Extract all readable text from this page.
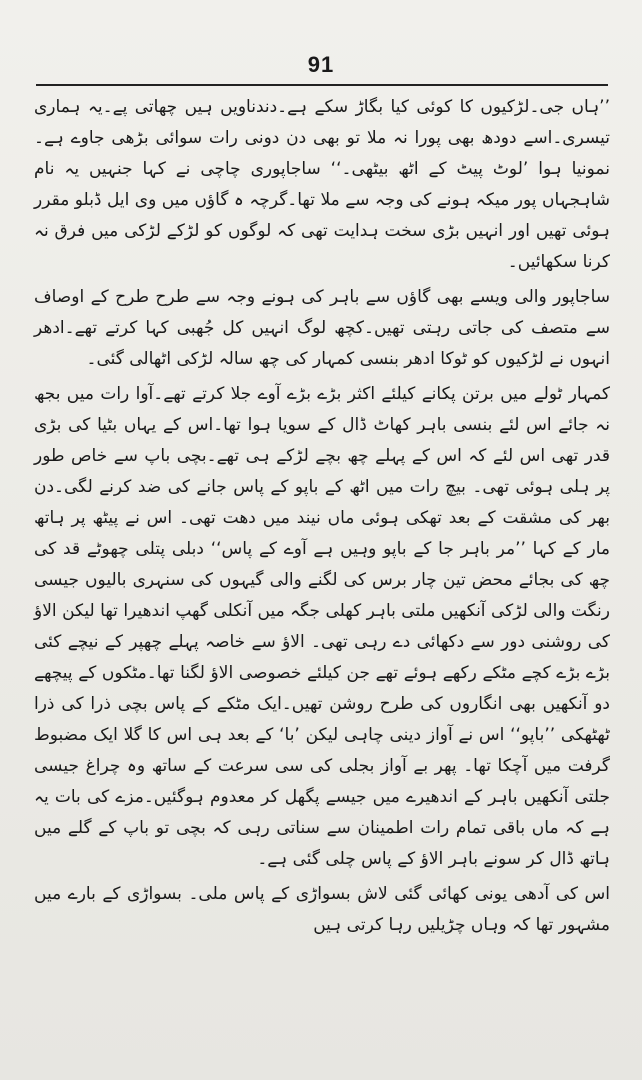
91

’’ہاں جی۔لڑکیوں کا کوئی کیا بگاڑ سکے ہے۔دندناویں ہیں چھاتی پے۔یہ ہماری تیسری۔اسے دودھ بھی پورا نہ ملا تو بھی دن دونی رات سوائی بڑھی جاوے ہے۔نمونیا ہوا ’لوٹ پیٹ کے اٹھ بیٹھی۔‘‘ ساجاپوری چاچی نے کہا جنہیں یہ نام شاہجہاں پور میکہ ہونے کی وجہ سے ملا تھا۔گرچہ ہ گاؤں میں وی ایل ڈبلو مقرر ہوئی تھیں اور انہیں بڑی سخت ہدایت تھی کہ لوگوں کو لڑکے لڑکی میں فرق نہ کرنا سکھائیں۔

ساجاپور والی ویسے بھی گاؤں سے باہر کی ہونے وجہ سے طرح طرح کے اوصاف سے متصف کی جاتی رہتی تھیں۔کچھ لوگ انہیں کل جُھبی کہا کرتے تھے۔ادھر انہوں نے لڑکیوں کو ٹوکا ادھر بنسی کمہار کی چھ سالہ لڑکی اٹھالی گئی۔

کمہار ٹولے میں برتن پکانے کیلئے اکثر بڑے بڑے آوے جلا کرتے تھے۔آوا رات میں بجھ نہ جائے اس لئے بنسی باہر کھاٹ ڈال کے سویا ہوا تھا۔اس کے یہاں بٹیا کی بڑی قدر تھی اس لئے کہ اس کے پہلے چھ بچے لڑکے ہی تھے۔بچی باپ سے خاص طور پر ہلی ہوئی تھی۔ بیچ رات میں اٹھ کے باپو کے پاس جانے کی ضد کرنے لگی۔دن بھر کی مشقت کے بعد تھکی ہوئی ماں نیند میں دھت تھی۔ اس نے پیٹھ پر ہاتھ مار کے کہا ’’مر باہر جا کے باپو وہیں ہے آوے کے پاس‘‘ دبلی پتلی چھوٹے قد کی چھ کی بجائے محض تین چار برس کی لگنے والی گیہوں کی سنہری بالیوں جیسی رنگت والی لڑکی آنکھیں ملتی باہر کھلی جگہ میں آنکلی گھپ اندھیرا تھا لیکن الاؤ کی روشنی دور سے دکھائی دے رہی تھی۔ الاؤ سے خاصہ پہلے چھپر کے نیچے کئی بڑے بڑے کچے مٹکے رکھے ہوئے تھے جن کیلئے خصوصی الاؤ لگنا تھا۔مٹکوں کے پیچھے دو آنکھیں بھی انگاروں کی طرح روشن تھیں۔ایک مٹکے کے پاس بچی ذرا کی ذرا ٹھٹھکی ’’باپو‘‘ اس نے آواز دینی چاہی لیکن ’با‘ کے بعد ہی اس کا گلا ایک مضبوط گرفت میں آچکا تھا۔ پھر بے آواز بجلی کی سی سرعت کے ساتھ وہ چراغ جیسی جلتی آنکھیں باہر کے اندھیرے میں جیسے پگھل کر معدوم ہوگئیں۔مزے کی بات یہ ہے کہ ماں باقی تمام رات اطمینان سے سناتی رہی کہ بچی تو باپ کے گلے میں ہاتھ ڈال کر سونے باہر الاؤ کے پاس چلی گئی ہے۔

اس کی آدھی یونی کھائی گئی لاش بسواڑی کے پاس ملی۔ بسواڑی کے بارے میں مشہور تھا کہ وہاں چڑیلیں رہا کرتی ہیں
